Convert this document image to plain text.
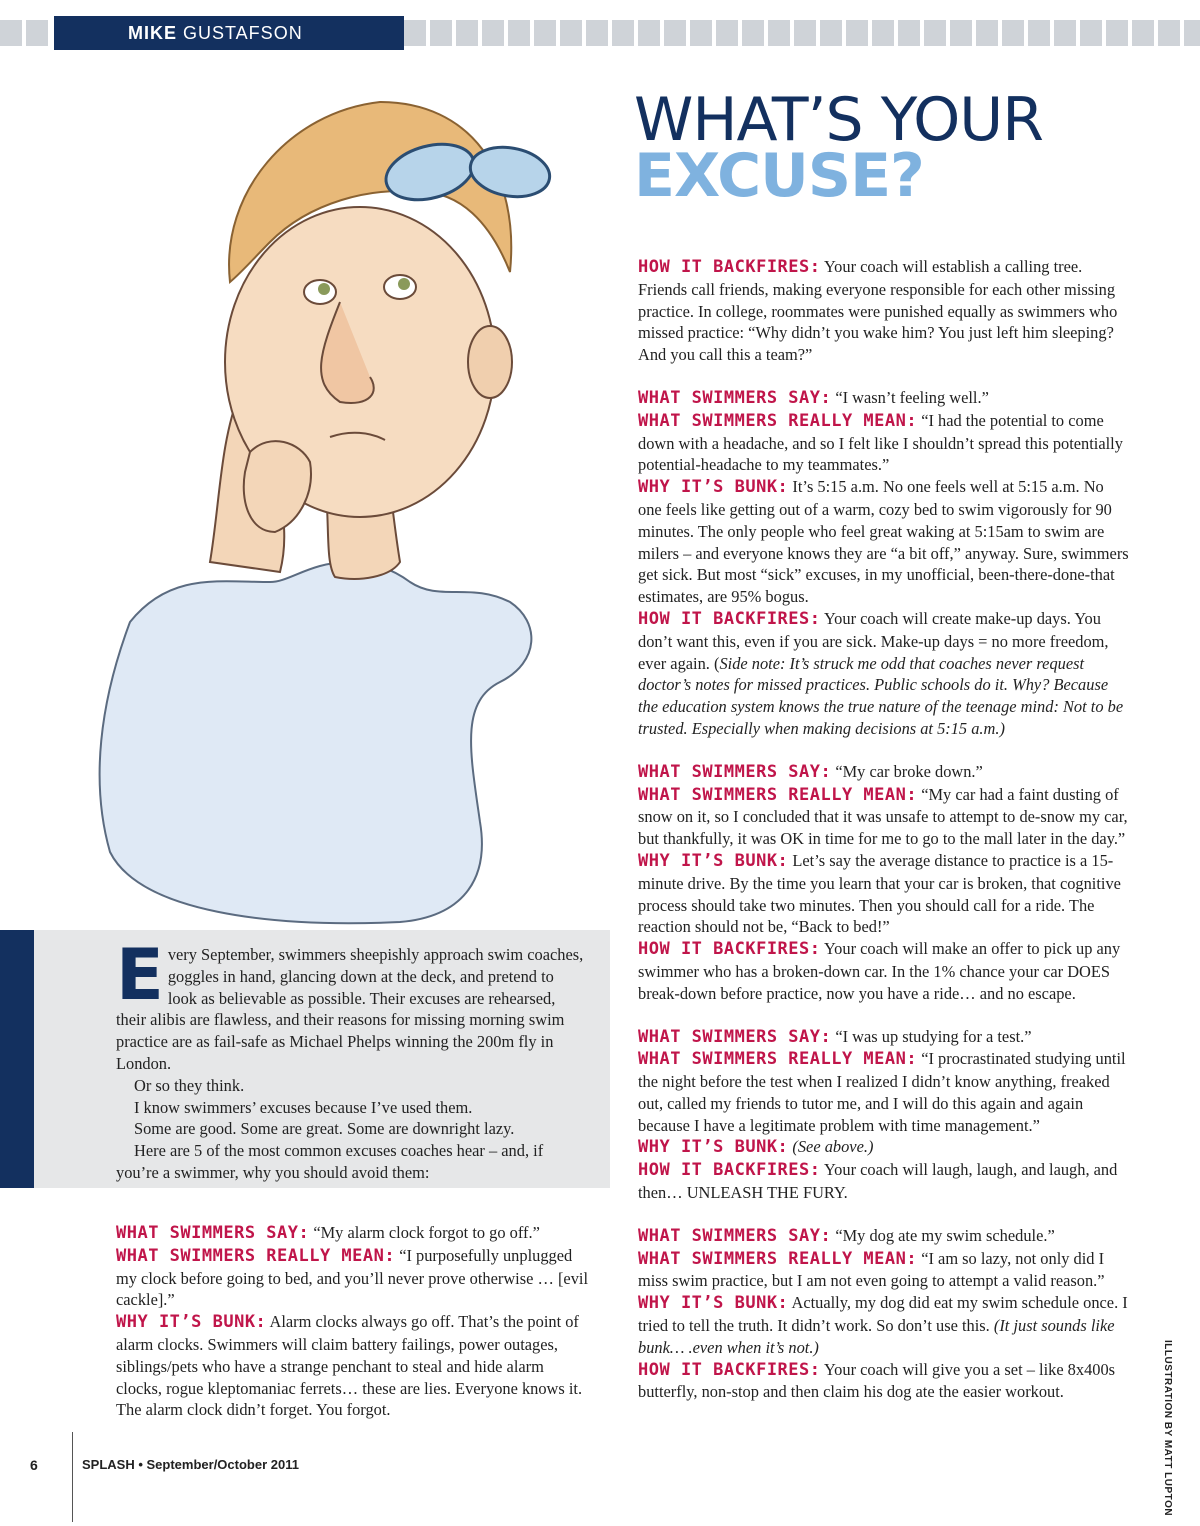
MIKE GUSTAFSON
WHAT’S YOUR
EXCUSE?

Every September, swimmers sheepishly approach swim coaches, goggles in hand, glancing down at the deck, and pretend to look as believable as possible. Their excuses are rehearsed, their alibis are flawless, and their reasons for missing morning swim practice are as fail-safe as Michael Phelps winning the 200m fly in London.

Or so they think.

I know swimmers’ excuses because I’ve used them.

Some are good. Some are great. Some are downright lazy.

Here are 5 of the most common excuses coaches hear – and, if you’re a swimmer, why you should avoid them:

WHAT SWIMMERS SAY: “My alarm clock forgot to go off.”

WHAT SWIMMERS REALLY MEAN: “I purposefully unplugged my clock before going to bed, and you’ll never prove otherwise … [evil cackle].”

WHY IT’S BUNK: Alarm clocks always go off. That’s the point of alarm clocks. Swimmers will claim battery failings, power outages, siblings/pets who have a strange penchant to steal and hide alarm clocks, rogue kleptomaniac ferrets… these are lies. Everyone knows it. The alarm clock didn’t forget. You forgot.

HOW IT BACKFIRES: Your coach will establish a calling tree. Friends call friends, making everyone responsible for each other missing practice. In college, roommates were punished equally as swimmers who missed practice: “Why didn’t you wake him? You just left him sleeping? And you call this a team?”

WHAT SWIMMERS SAY: “I wasn’t feeling well.”

WHAT SWIMMERS REALLY MEAN: “I had the potential to come down with a headache, and so I felt like I shouldn’t spread this potentially potential-headache to my teammates.”

WHY IT’S BUNK: It’s 5:15 a.m. No one feels well at 5:15 a.m. No one feels like getting out of a warm, cozy bed to swim vigorously for 90 minutes. The only people who feel great waking at 5:15am to swim are milers – and everyone knows they are “a bit off,” anyway. Sure, swimmers get sick. But most “sick” excuses, in my unofficial, been-there-done-that estimates, are 95% bogus.

HOW IT BACKFIRES: Your coach will create make-up days. You don’t want this, even if you are sick. Make-up days = no more freedom, ever again. (Side note: It’s struck me odd that coaches never request doctor’s notes for missed practices. Public schools do it. Why? Because the education system knows the true nature of the teenage mind: Not to be trusted. Especially when making decisions at 5:15 a.m.)

WHAT SWIMMERS SAY: “My car broke down.”

WHAT SWIMMERS REALLY MEAN: “My car had a faint dusting of snow on it, so I concluded that it was unsafe to attempt to de-snow my car, but thankfully, it was OK in time for me to go to the mall later in the day.”

WHY IT’S BUNK: Let’s say the average distance to practice is a 15-minute drive. By the time you learn that your car is broken, that cognitive process should take two minutes. Then you should call for a ride. The reaction should not be, “Back to bed!”

HOW IT BACKFIRES: Your coach will make an offer to pick up any swimmer who has a broken-down car. In the 1% chance your car DOES break-down before practice, now you have a ride… and no escape.

WHAT SWIMMERS SAY: “I was up studying for a test.”

WHAT SWIMMERS REALLY MEAN: “I procrastinated studying until the night before the test when I realized I didn’t know anything, freaked out, called my friends to tutor me, and I will do this again and again because I have a legitimate problem with time management.”

WHY IT’S BUNK: (See above.)

HOW IT BACKFIRES: Your coach will laugh, laugh, and laugh, and then… UNLEASH THE FURY.

WHAT SWIMMERS SAY: “My dog ate my swim schedule.”

WHAT SWIMMERS REALLY MEAN: “I am so lazy, not only did I miss swim practice, but I am not even going to attempt a valid reason.”

WHY IT’S BUNK: Actually, my dog did eat my swim schedule once. I tried to tell the truth. It didn’t work. So don’t use this. (It just sounds like bunk… .even when it’s not.)

HOW IT BACKFIRES: Your coach will give you a set – like 8x400s butterfly, non-stop and then claim his dog ate the easier workout.

6	SPLASH • September/October 2011	ILLUSTRATION BY MATT LUPTON
